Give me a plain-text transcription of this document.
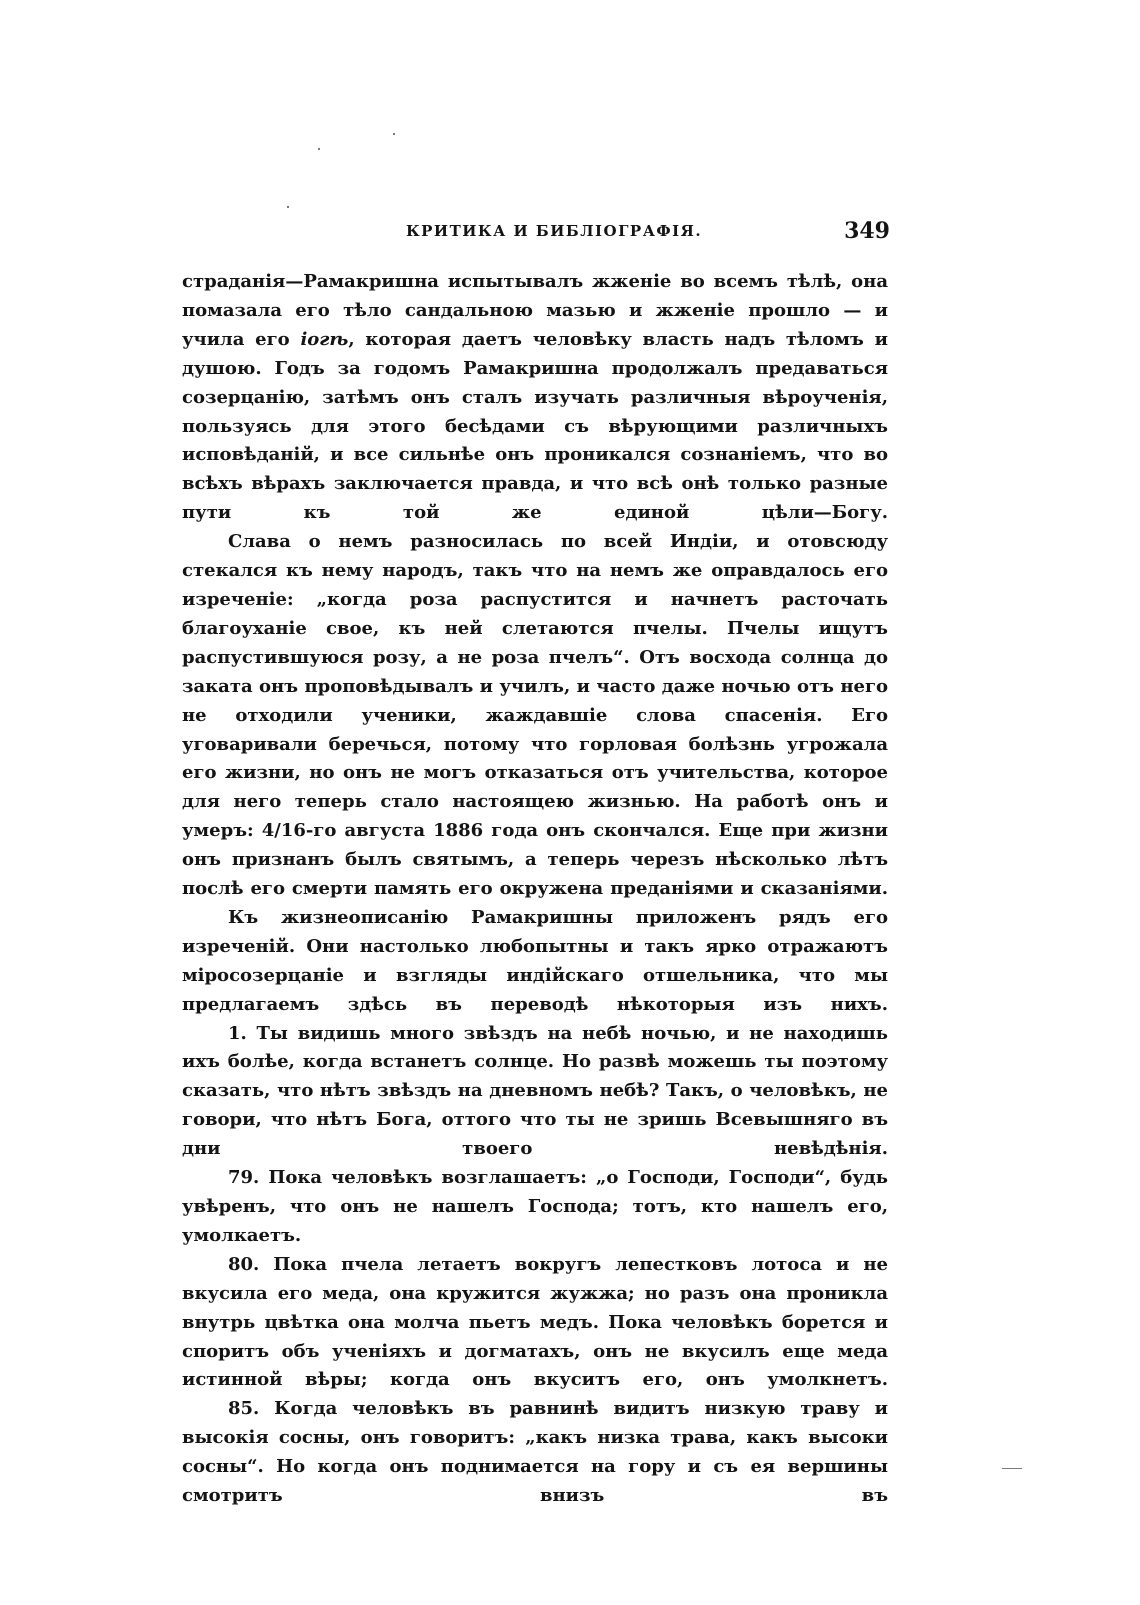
КРИТИКА И БИБЛІОГРАФІЯ.	349

страданія—Рамакришна испытывалъ жженіе во всемъ тѣлѣ, она помазала его тѣло сандальною мазью и жженіе прошло — и учила его іогѣ, которая даетъ человѣку власть надъ тѣломъ и душою. Годъ за годомъ Рамакришна продолжалъ предаваться созерцанію, затѣмъ онъ сталъ изучать различныя вѣроученія, пользуясь для этого бесѣдами съ вѣрующими различныхъ исповѣданій, и все сильнѣе онъ проникался сознаніемъ, что во всѣхъ вѣрахъ заключается правда, и что всѣ онѣ только разные пути къ той же единой цѣли—Богу.

Слава о немъ разносилась по всей Индіи, и отовсюду стекался къ нему народъ, такъ что на немъ же оправдалось его изреченіе: „когда роза распустится и начнетъ расточать благоуханіе свое, къ ней слетаются пчелы. Пчелы ищутъ распустившуюся розу, а не роза пчелъ“. Отъ восхода солнца до заката онъ проповѣдывалъ и училъ, и часто даже ночью отъ него не отходили ученики, жаждавшіе слова спасенія. Его уговаривали беречься, потому что горловая болѣзнь угрожала его жизни, но онъ не могъ отказаться отъ учительства, которое для него теперь стало настоящею жизнью. На работѣ онъ и умеръ: 4/16-го августа 1886 года онъ скончался. Еще при жизни онъ признанъ былъ святымъ, а теперь черезъ нѣсколько лѣтъ послѣ его смерти память его окружена преданіями и сказаніями.

Къ жизнеописанію Рамакришны приложенъ рядъ его изреченій. Они настолько любопытны и такъ ярко отражаютъ міросозерцаніе и взгляды индійскаго отшельника, что мы предлагаемъ здѣсь въ переводѣ нѣкоторыя изъ нихъ.

1. Ты видишь много звѣздъ на небѣ ночью, и не находишь ихъ болѣе, когда встанетъ солнце. Но развѣ можешь ты поэтому сказать, что нѣтъ звѣздъ на дневномъ небѣ? Такъ, о человѣкъ, не говори, что нѣтъ Бога, оттого что ты не зришь Всевышняго въ дни твоего невѣдѣнія.

79. Пока человѣкъ возглашаетъ: „о Господи, Господи“, будь увѣренъ, что онъ не нашелъ Господа; тотъ, кто нашелъ его, умолкаетъ.

80. Пока пчела летаетъ вокругъ лепестковъ лотоса и не вкусила его меда, она кружится жужжа; но разъ она проникла внутрь цвѣтка она молча пьетъ медъ. Пока человѣкъ борется и споритъ объ ученіяхъ и догматахъ, онъ не вкусилъ еще меда истинной вѣры; когда онъ вкуситъ его, онъ умолкнетъ.

85. Когда человѣкъ въ равнинѣ видитъ низкую траву и высокія сосны, онъ говоритъ: „какъ низка трава, какъ высоки сосны“. Но когда онъ поднимается на гору и съ ея вершины смотритъ внизъ въ
